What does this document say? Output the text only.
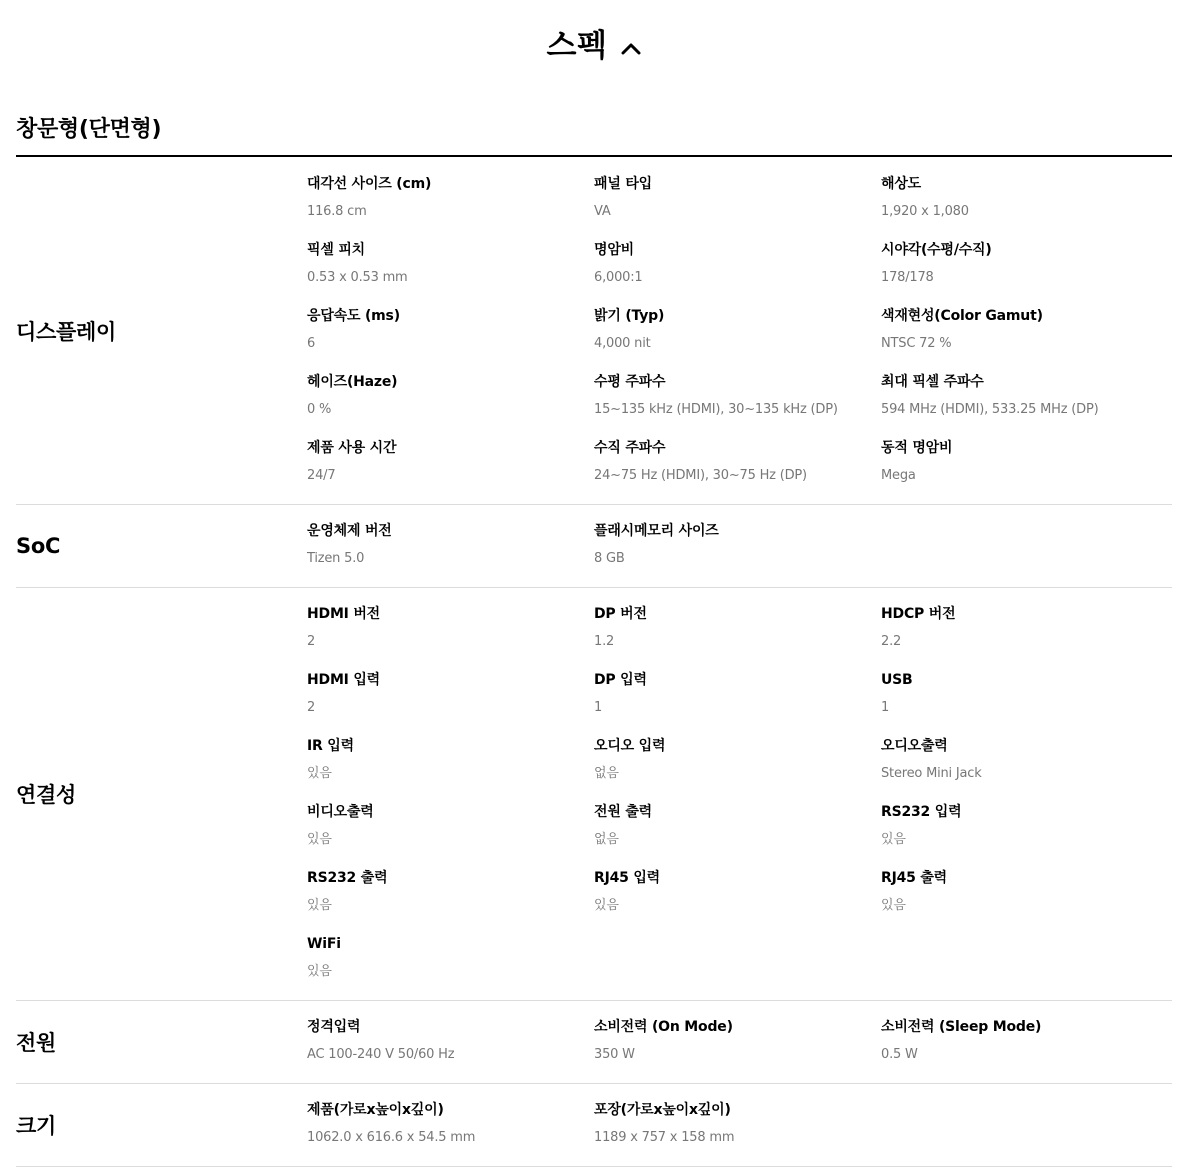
스펙
창문형(단면형)
디스플레이
대각선 사이즈 (cm)
116.8 cm
패널 타입
VA
해상도
1,920 x 1,080
픽셀 피치
0.53 x 0.53 mm
명암비
6,000:1
시야각(수평/수직)
178/178
응답속도 (ms)
6
밝기 (Typ)
4,000 nit
색재현성(Color Gamut)
NTSC 72 %
헤이즈(Haze)
0 %
수평 주파수
15~135 kHz (HDMI), 30~135 kHz (DP)
최대 픽셀 주파수
594 MHz (HDMI), 533.25 MHz (DP)
제품 사용 시간
24/7
수직 주파수
24~75 Hz (HDMI), 30~75 Hz (DP)
동적 명암비
Mega
SoC
운영체제 버전
Tizen 5.0
플래시메모리 사이즈
8 GB
연결성
HDMI 버전
2
DP 버전
1.2
HDCP 버전
2.2
HDMI 입력
2
DP 입력
1
USB
1
IR 입력
있음
오디오 입력
없음
오디오출력
Stereo Mini Jack
비디오출력
있음
전원 출력
없음
RS232 입력
있음
RS232 출력
있음
RJ45 입력
있음
RJ45 출력
있음
WiFi
있음
전원
정격입력
AC 100-240 V 50/60 Hz
소비전력 (On Mode)
350 W
소비전력 (Sleep Mode)
0.5 W
크기
제품(가로x높이x깊이)
1062.0 x 616.6 x 54.5 mm
포장(가로x높이x깊이)
1189 x 757 x 158 mm
